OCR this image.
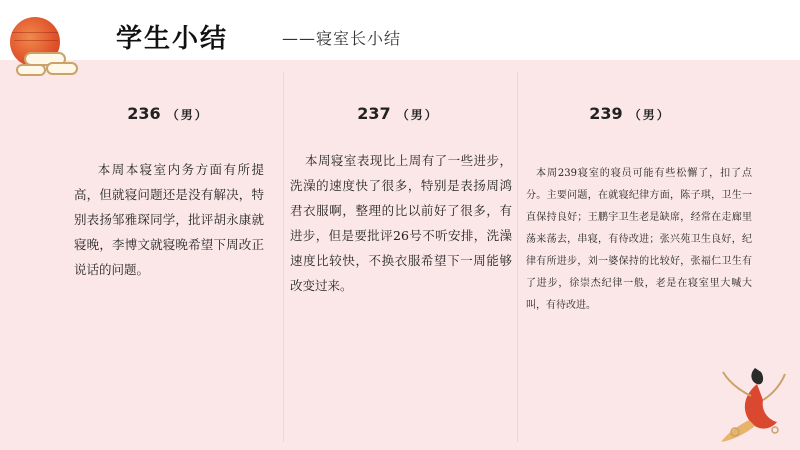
学生小结	——寝室长小结
236 （男）
本周本寝室内务方面有所提高，但就寝问题还是没有解决，特别表扬邹雅琛同学，批评胡永康就寝晚，李博文就寝晚希望下周改正说话的问题。
237 （男）
本周寝室表现比上周有了一些进步，洗澡的速度快了很多，特别是表扬周鸿君衣服啊，整理的比以前好了很多，有进步，但是要批评26号不听安排，洗澡速度比较快，不换衣服希望下一周能够改变过来。
239 （男）
本周239寝室的寝员可能有些松懈了，扣了点分。主要问题，在就寝纪律方面，陈子琪，卫生一直保持良好；王鹏宇卫生老是缺席，经常在走廊里荡来荡去，串寝，有待改进；张兴苑卫生良好，纪律有所进步，刘一婆保持的比较好，张福仁卫生有了进步，徐崇杰纪律一般，老是在寝室里大喊大叫，有待改进。
